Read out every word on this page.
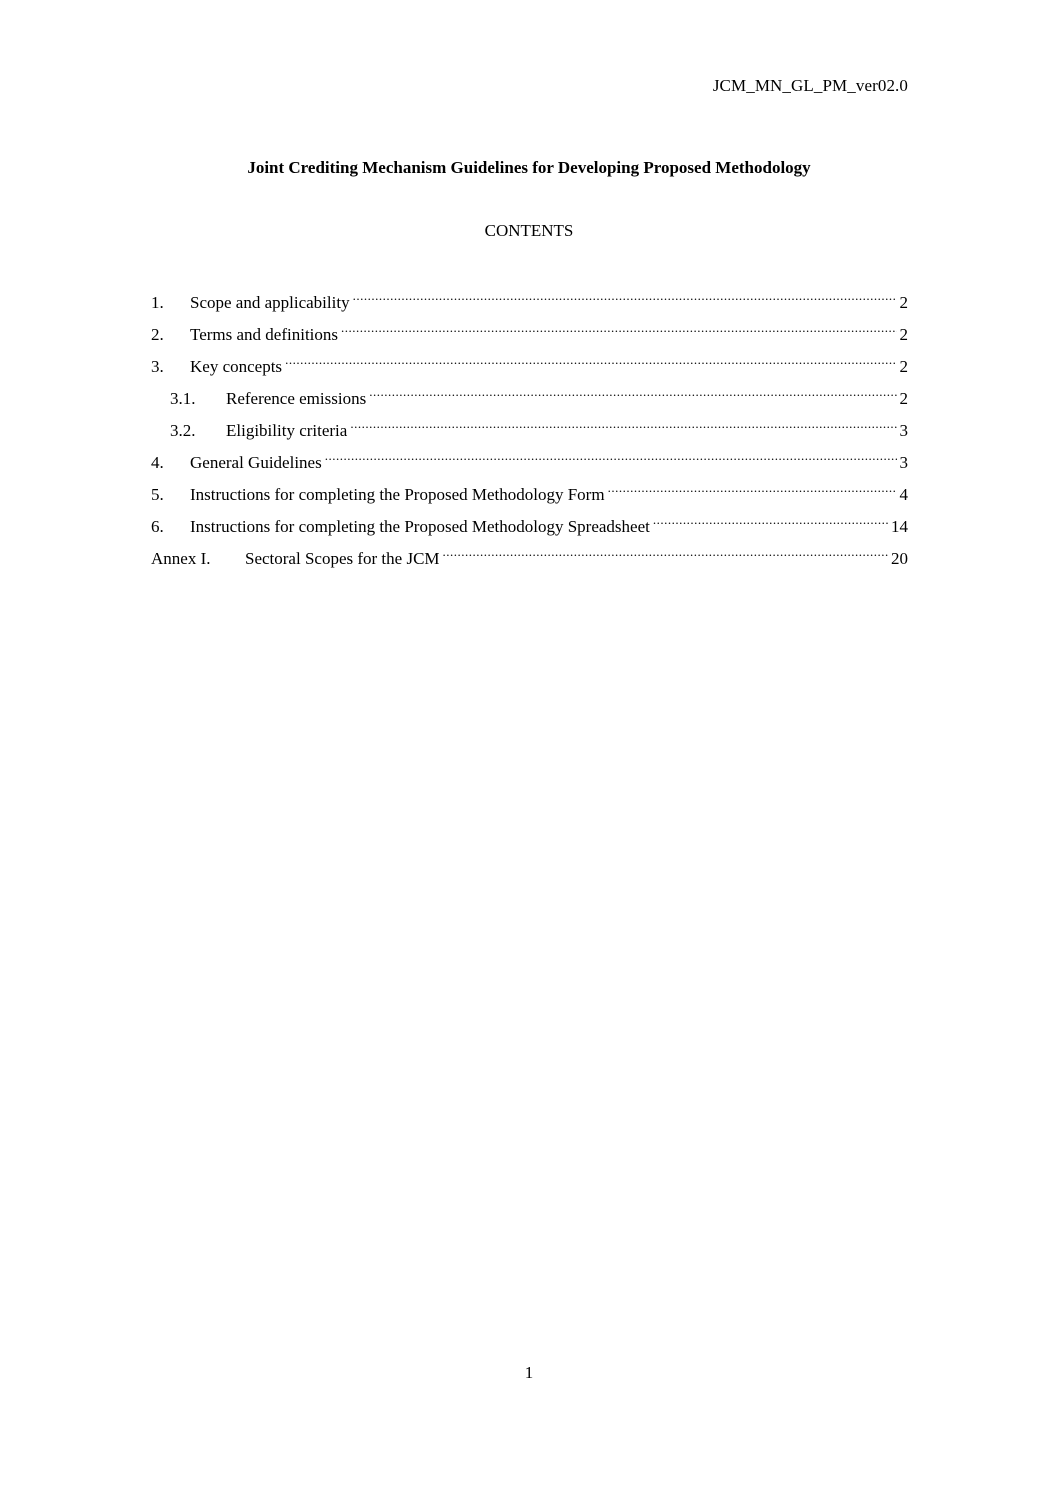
JCM_MN_GL_PM_ver02.0
Joint Crediting Mechanism Guidelines for Developing Proposed Methodology
CONTENTS
1.	Scope and applicability .....	2
2.	Terms and definitions .....	2
3.	Key concepts .....	2
3.1.	Reference emissions .....	2
3.2.	Eligibility criteria .....	3
4.	General Guidelines .....	3
5.	Instructions for completing the Proposed Methodology Form .....	4
6.	Instructions for completing the Proposed Methodology Spreadsheet .....	14
Annex I.	Sectoral Scopes for the JCM .....	20
1
